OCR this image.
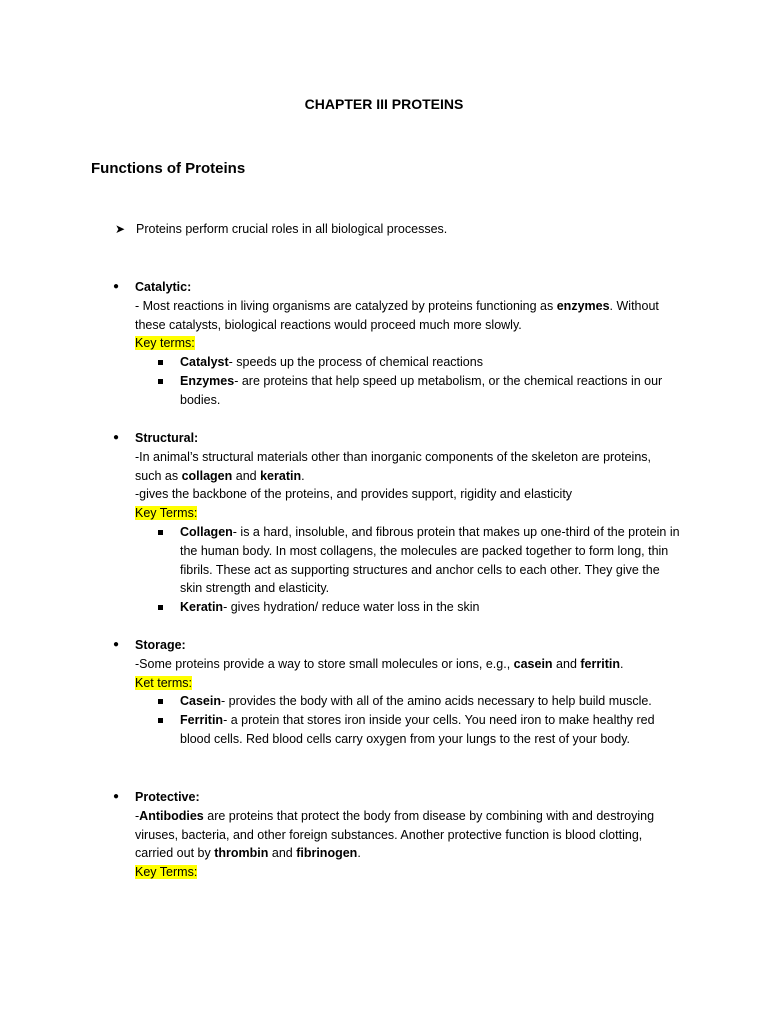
CHAPTER III PROTEINS
Functions of Proteins
➤ Proteins perform crucial roles in all biological processes.
● Catalytic:

- Most reactions in living organisms are catalyzed by proteins functioning as enzymes. Without these catalysts, biological reactions would proceed much more slowly.

Key terms:

Catalyst- speeds up the process of chemical reactions
Enzymes- are proteins that help speed up metabolism, or the chemical reactions in our bodies.
● Structural:

-In animal’s structural materials other than inorganic components of the skeleton are proteins, such as collagen and keratin.

-gives the backbone of the proteins, and provides support, rigidity and elasticity

Key Terms:

Collagen- is a hard, insoluble, and fibrous protein that makes up one-third of the protein in the human body. In most collagens, the molecules are packed together to form long, thin fibrils. These act as supporting structures and anchor cells to each other. They give the skin strength and elasticity.
Keratin- gives hydration/ reduce water loss in the skin
● Storage:

-Some proteins provide a way to store small molecules or ions, e.g., casein and ferritin.

Ket terms:

Casein- provides the body with all of the amino acids necessary to help build muscle.
Ferritin- a protein that stores iron inside your cells. You need iron to make healthy red blood cells. Red blood cells carry oxygen from your lungs to the rest of your body.
● Protective:

-Antibodies are proteins that protect the body from disease by combining with and destroying viruses, bacteria, and other foreign substances. Another protective function is blood clotting, carried out by thrombin and fibrinogen.

Key Terms:
